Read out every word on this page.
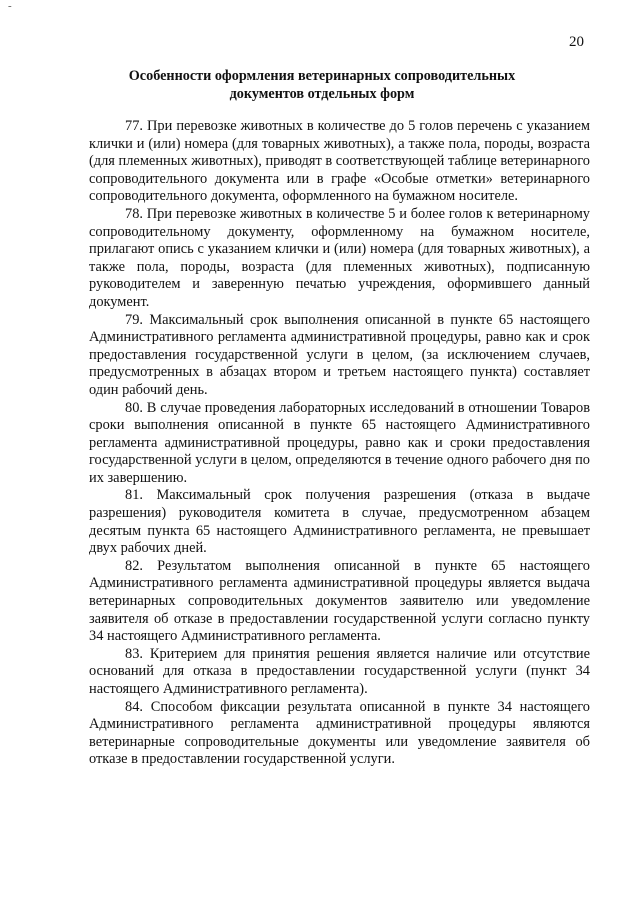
-
20
Особенности оформления ветеринарных сопроводительных
документов отдельных форм

77. При перевозке животных в количестве до 5 голов перечень с указанием клички и (или) номера (для товарных животных), а также пола, породы, возраста (для племенных животных), приводят в соответствующей таблице ветеринарного сопроводительного документа или в графе «Особые отметки» ветеринарного сопроводительного документа, оформленного на бумажном носителе.

78. При перевозке животных в количестве 5 и более голов к ветеринарному сопроводительному документу, оформленному на бумажном носителе, прилагают опись с указанием клички и (или) номера (для товарных животных), а также пола, породы, возраста (для племенных животных), подписанную руководителем и заверенную печатью учреждения, оформившего данный документ.

79. Максимальный срок выполнения описанной в пункте 65 настоящего Административного регламента административной процедуры, равно как и срок предоставления государственной услуги в целом, (за исключением случаев, предусмотренных в абзацах втором и третьем настоящего пункта) составляет один рабочий день.

80. В случае проведения лабораторных исследований в отношении Товаров сроки выполнения описанной в пункте 65 настоящего Административного регламента административной процедуры, равно как и сроки предоставления государственной услуги в целом, определяются в течение одного рабочего дня по их завершению.

81. Максимальный срок получения разрешения (отказа в выдаче разрешения) руководителя комитета в случае, предусмотренном абзацем десятым пункта 65 настоящего Административного регламента, не превышает двух рабочих дней.

82. Результатом выполнения описанной в пункте 65 настоящего Административного регламента административной процедуры является выдача ветеринарных сопроводительных документов заявителю или уведомление заявителя об отказе в предоставлении государственной услуги согласно пункту 34 настоящего Административного регламента.

83. Критерием для принятия решения является наличие или отсутствие оснований для отказа в предоставлении государственной услуги (пункт 34 настоящего Административного регламента).

84. Способом фиксации результата описанной в пункте 34 настоящего Административного регламента административной процедуры являются ветеринарные сопроводительные документы или уведомление заявителя об отказе в предоставлении государственной услуги.
